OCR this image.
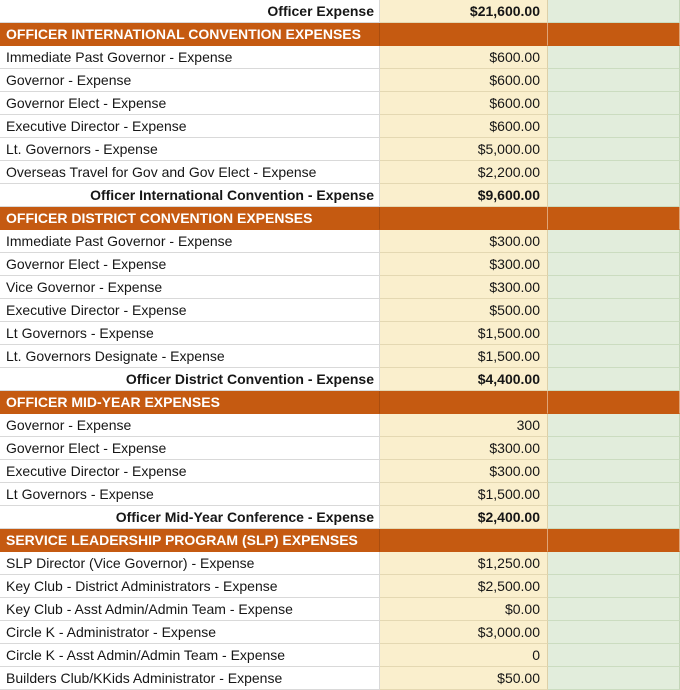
Officer Expense	$21,600.00
OFFICER INTERNATIONAL CONVENTION EXPENSES
Immediate Past Governor - Expense	$600.00
Governor - Expense	$600.00
Governor Elect - Expense	$600.00
Executive Director - Expense	$600.00
Lt. Governors - Expense	$5,000.00
Overseas Travel for Gov and Gov Elect - Expense	$2,200.00
Officer International Convention - Expense	$9,600.00
OFFICER DISTRICT CONVENTION EXPENSES
Immediate Past Governor - Expense	$300.00
Governor Elect - Expense	$300.00
Vice Governor - Expense	$300.00
Executive Director - Expense	$500.00
Lt Governors - Expense	$1,500.00
Lt. Governors Designate - Expense	$1,500.00
Officer District Convention - Expense	$4,400.00
OFFICER MID-YEAR EXPENSES
Governor - Expense	300
Governor Elect - Expense	$300.00
Executive Director - Expense	$300.00
Lt Governors - Expense	$1,500.00
Officer Mid-Year Conference - Expense	$2,400.00
SERVICE LEADERSHIP PROGRAM (SLP) EXPENSES
SLP Director (Vice Governor) - Expense	$1,250.00
Key Club - District Administrators - Expense	$2,500.00
Key Club - Asst Admin/Admin Team - Expense	$0.00
Circle K - Administrator - Expense	$3,000.00
Circle K - Asst Admin/Admin Team - Expense	0
Builders Club/KKids Administrator - Expense	$50.00
